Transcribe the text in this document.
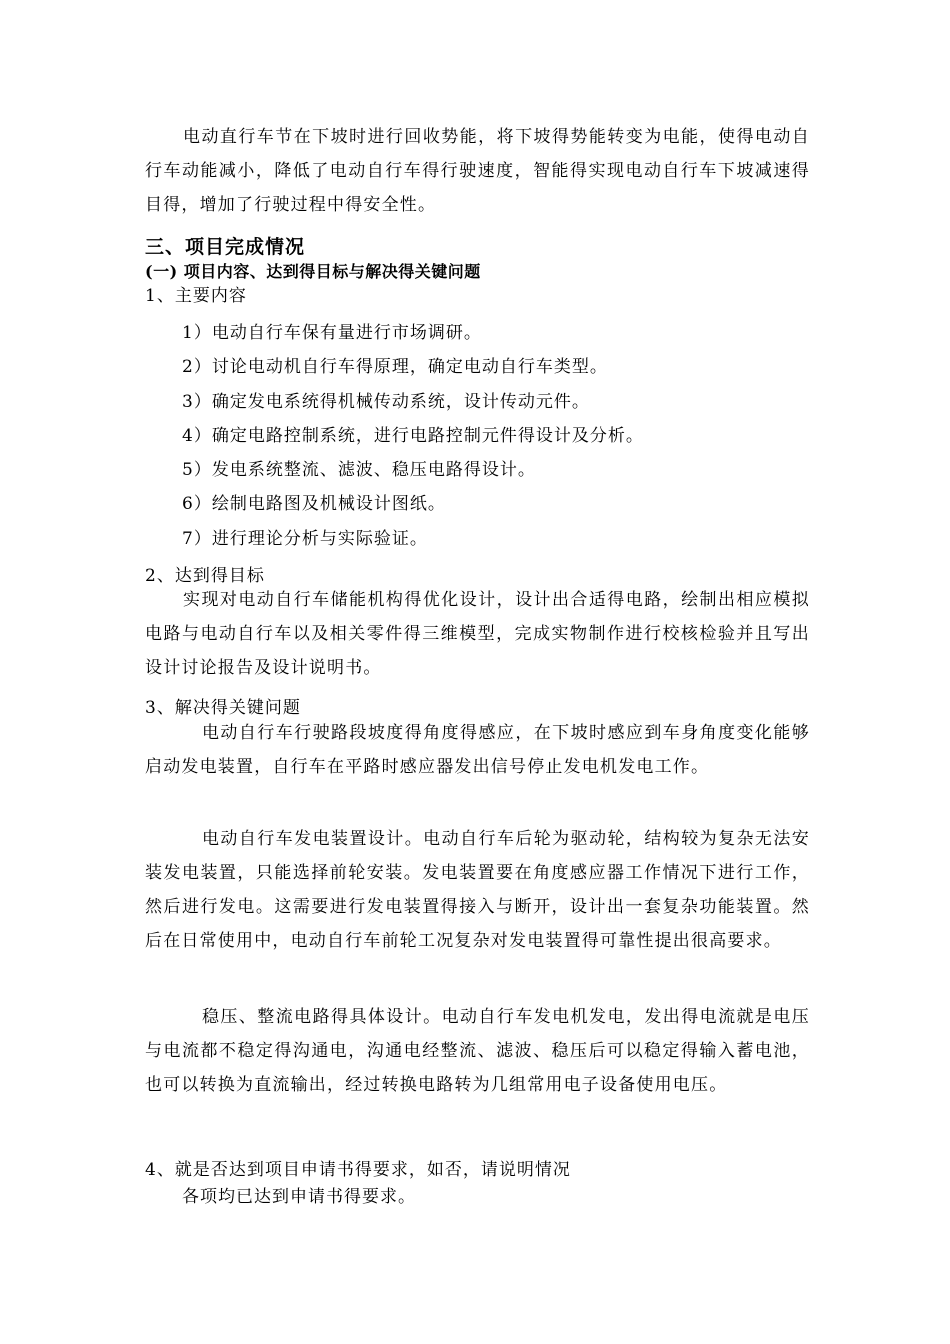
电动直行车节在下坡时进行回收势能，将下坡得势能转变为电能，使得电动自行车动能减小，降低了电动自行车得行驶速度，智能得实现电动自行车下坡减速得目得，增加了行驶过程中得安全性。

三、项目完成情况
(一) 项目内容、达到得目标与解决得关键问题
1、主要内容
1）电动自行车保有量进行市场调研。
2）讨论电动机自行车得原理，确定电动自行车类型。
3）确定发电系统得机械传动系统，设计传动元件。
4）确定电路控制系统，进行电路控制元件得设计及分析。
5）发电系统整流、滤波、稳压电路得设计。
6）绘制电路图及机械设计图纸。
7）进行理论分析与实际验证。
2、达到得目标

实现对电动自行车储能机构得优化设计，设计出合适得电路，绘制出相应模拟电路与电动自行车以及相关零件得三维模型，完成实物制作进行校核检验并且写出设计讨论报告及设计说明书。

3、解决得关键问题

电动自行车行驶路段坡度得角度得感应，在下坡时感应到车身角度变化能够启动发电装置，自行车在平路时感应器发出信号停止发电机发电工作。

电动自行车发电装置设计。电动自行车后轮为驱动轮，结构较为复杂无法安装发电装置，只能选择前轮安装。发电装置要在角度感应器工作情况下进行工作，然后进行发电。这需要进行发电装置得接入与断开，设计出一套复杂功能装置。然后在日常使用中，电动自行车前轮工况复杂对发电装置得可靠性提出很高要求。

稳压、整流电路得具体设计。电动自行车发电机发电，发出得电流就是电压与电流都不稳定得沟通电，沟通电经整流、滤波、稳压后可以稳定得输入蓄电池，也可以转换为直流输出，经过转换电路转为几组常用电子设备使用电压。

4、就是否达到项目申请书得要求，如否，请说明情况
各项均已达到申请书得要求。
